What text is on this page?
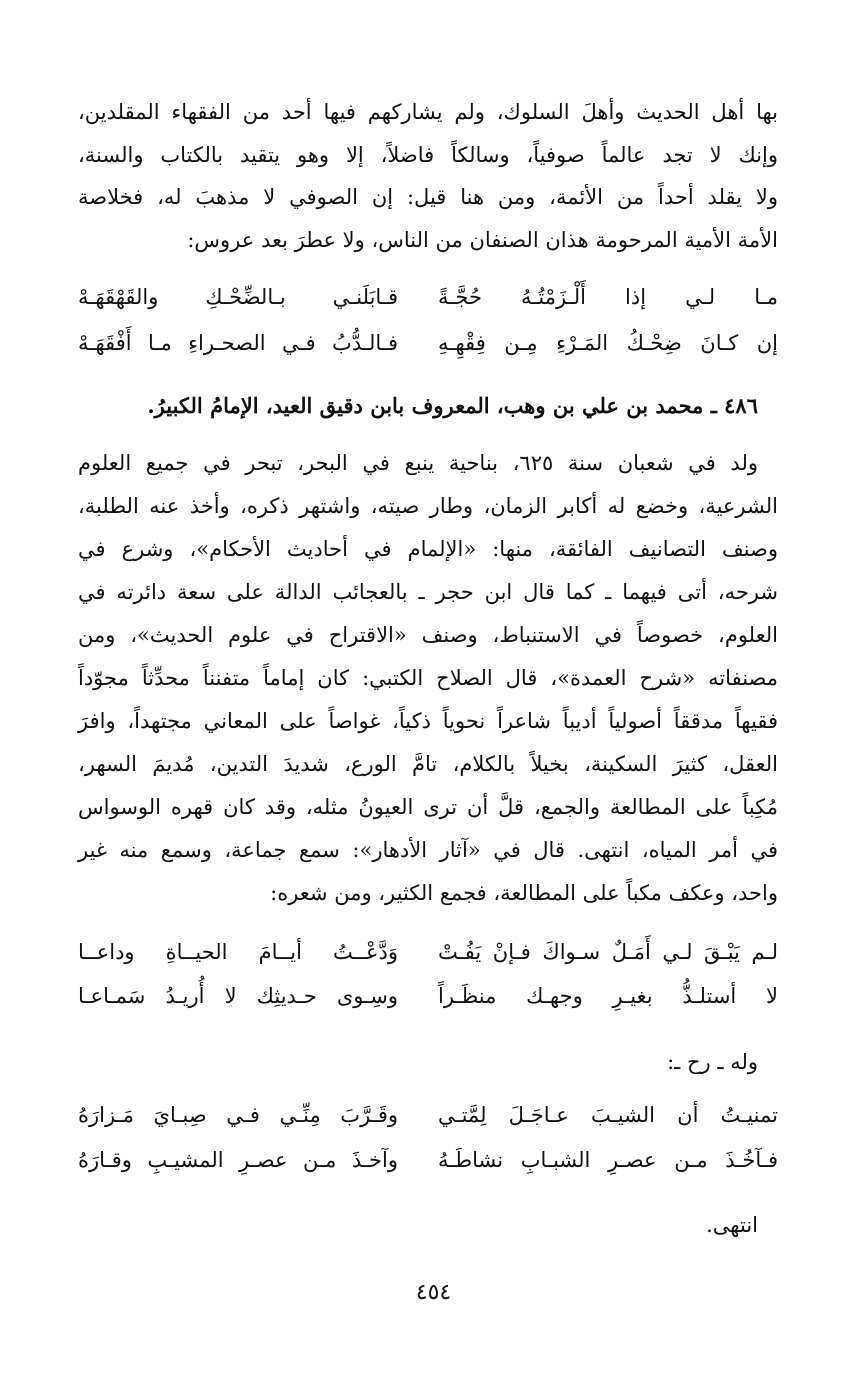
بها أهل الحديث وأهلَ السلوك، ولم يشاركهم فيها أحد من الفقهاء المقلدين،
وإنك لا تجد عالماً صوفياً، وسالكاً فاضلاً، إلا وهو يتقيد بالكتاب والسنة،
ولا يقلد أحداً من الأئمة، ومن هنا قيل: إن الصوفي لا مذهبَ له، فخلاصة
الأمة الأمية المرحومة هذان الصنفان من الناس، ولا عطرَ بعد عروس:
مـا لـي إذا أَلْـزَمْتُـهُ حُجَّـةً
قـابَلَنـي بـالضِّحْـكِ والقَهْقَهَـهْ
إن كـانَ ضِحْـكُ المَـرْءِ مِـن فِقْهِـهِ
فـالـدُّبُ فـي الصحـراءِ مـا أَفْقَهَـهْ
٤٨٦ ـ محمد بن علي بن وهب، المعروف بابن دقيق العيد، الإمامُ الكبيرُ.
ولد في شعبان سنة ٦٢٥، بناحية ينبع في البحر، تبحر في جميع العلوم
الشرعية، وخضع له أكابر الزمان، وطار صيته، واشتهر ذكره، وأخذ عنه الطلبة،
وصنف التصانيف الفائقة، منها: «الإلمام في أحاديث الأحكام»، وشرع في
شرحه، أتى فيهما ـ كما قال ابن حجر ـ بالعجائب الدالة على سعة دائرته في
العلوم، خصوصاً في الاستنباط، وصنف «الاقتراح في علوم الحديث»، ومن
مصنفاته «شرح العمدة»، قال الصلاح الكتبي: كان إماماً متفنناً محدِّثاً مجوّداً
فقيهاً مدققاً أصولياً أديباً شاعراً نحوياً ذكياً، غواصاً على المعاني مجتهداً، وافرَ
العقل، كثيرَ السكينة، بخيلاً بالكلام، تامَّ الورع، شديدَ التدين، مُديمَ السهر،
مُكِباً على المطالعة والجمع، قلَّ أن ترى العيونُ مثله، وقد كان قهره الوسواس
في أمر المياه، انتهى. قال في «آثار الأدهار»: سمع جماعة، وسمع منه غير
واحد، وعكف مكباً على المطالعة، فجمع الكثير، ومن شعره:
لـم يَبْـقَ لـي أَمَـلٌ سـواكَ فـإنْ يَفُـتْ
وَدَّعْــتُ أيــامَ الحيــاةِ وداعــا
لا أستلـذُّ بغيـرِ وجهـك منظَـراً
وسِـوى حـديثِك لا أُريـدُ سَمـاعـا
وله ـ رح ـ:
تمنيـتُ أن الشيـبَ عـاجَـلَ لِمَّتـي
وقَـرَّبَ مِنِّـي فـي صِبـايَ مَـزارَهُ
فـآخُـذَ مـن عصـرِ الشبـابِ نشاطَـهُ
وآخـذَ مـن عصـرِ المشيـبِ وقـارَهُ
انتهى.
٤٥٤
